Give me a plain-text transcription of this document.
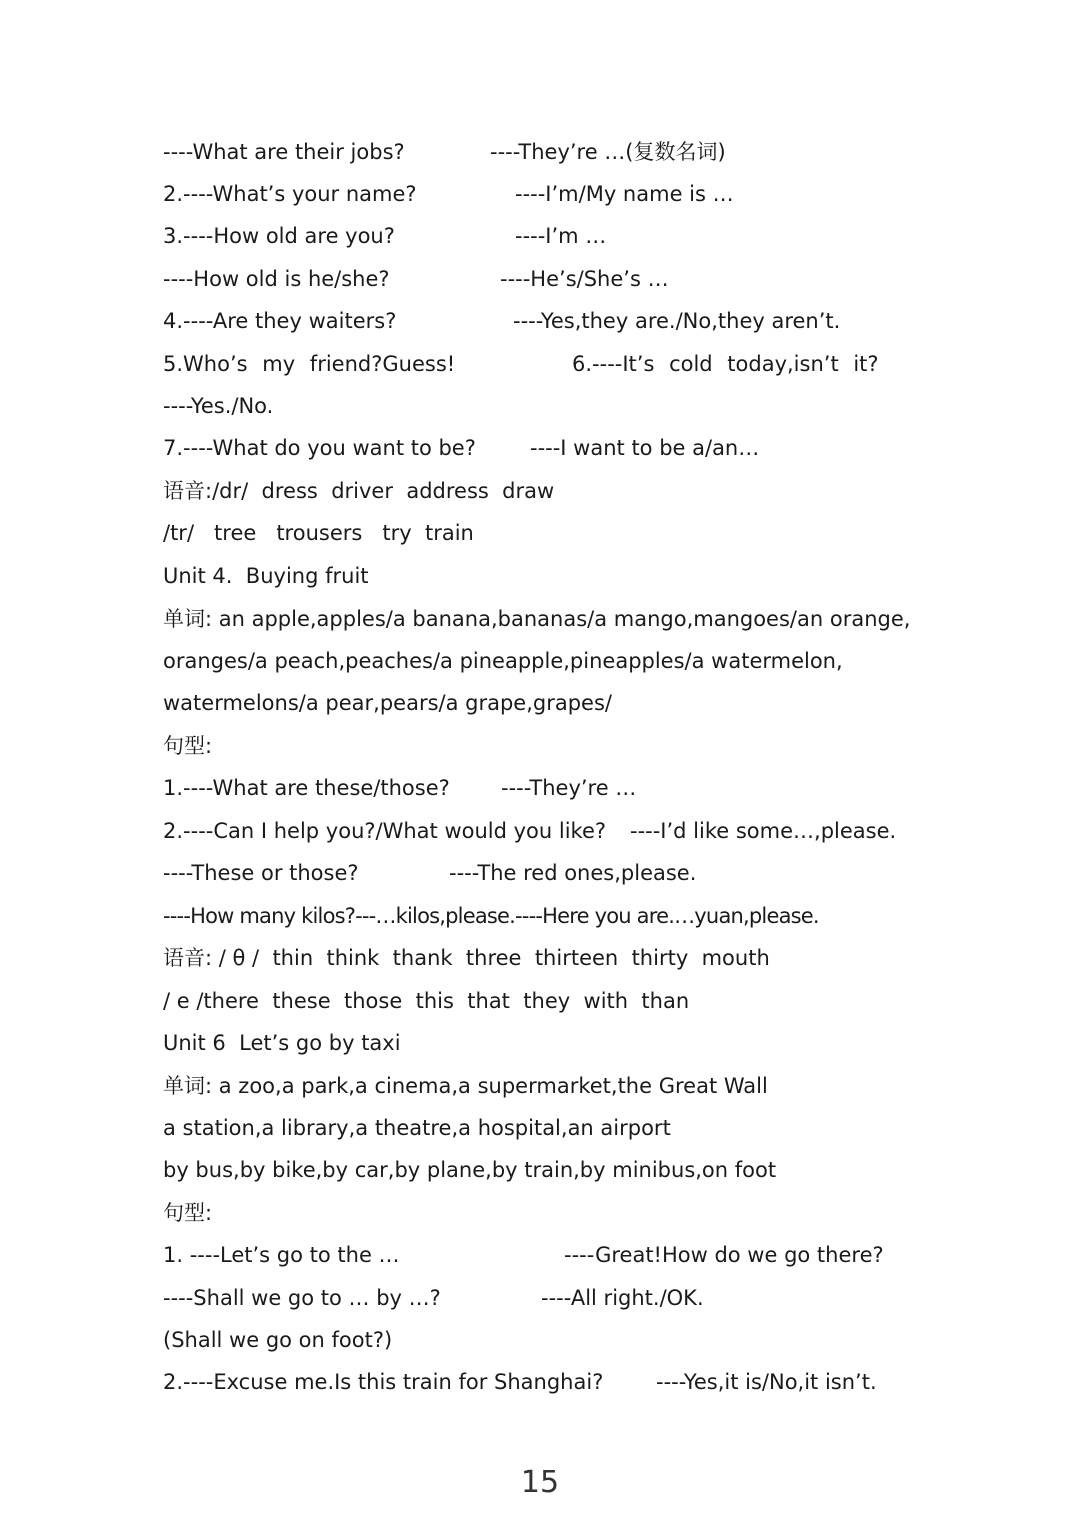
----What are their jobs?	----They’re …(复数名词)
2.----What’s your name?	----I’m/My name is …
3.----How old are you?	----I’m …
----How old is he/she?	----He’s/She’s …
4.----Are they waiters?	----Yes,they are./No,they aren’t.
5.Who’s my friend?Guess!	6.----It’s cold today,isn’t it?
----Yes./No.
7.----What do you want to be?	----I want to be a/an…
语音:/dr/  dress  driver  address  draw
/tr/   tree   trousers   try  train
Unit 4.  Buying fruit
单词: an apple,apples/a banana,bananas/a mango,mangoes/an orange,
oranges/a peach,peaches/a pineapple,pineapples/a watermelon,
watermelons/a pear,pears/a grape,grapes/
句型:
1.----What are these/those? ----They’re …
2.----Can I help you?/What would you like? ----I’d like some…,please.
----These or those?	----The red ones,please.
----How many kilos?---…kilos,please.----Here you are.…yuan,please.
语音: / θ /  thin  think  thank  three  thirteen  thirty  mouth
/ e /there  these  those  this  that  they  with  than
Unit 6  Let’s go by taxi
单词: a zoo,a park,a cinema,a supermarket,the Great Wall
a station,a library,a theatre,a hospital,an airport
by bus,by bike,by car,by plane,by train,by minibus,on foot
句型:
1. ----Let’s go to the …	----Great!How do we go there?
----Shall we go to … by …?	----All right./OK.
(Shall we go on foot?)
2.----Excuse me.Is this train for Shanghai?	----Yes,it is/No,it isn’t.
15
